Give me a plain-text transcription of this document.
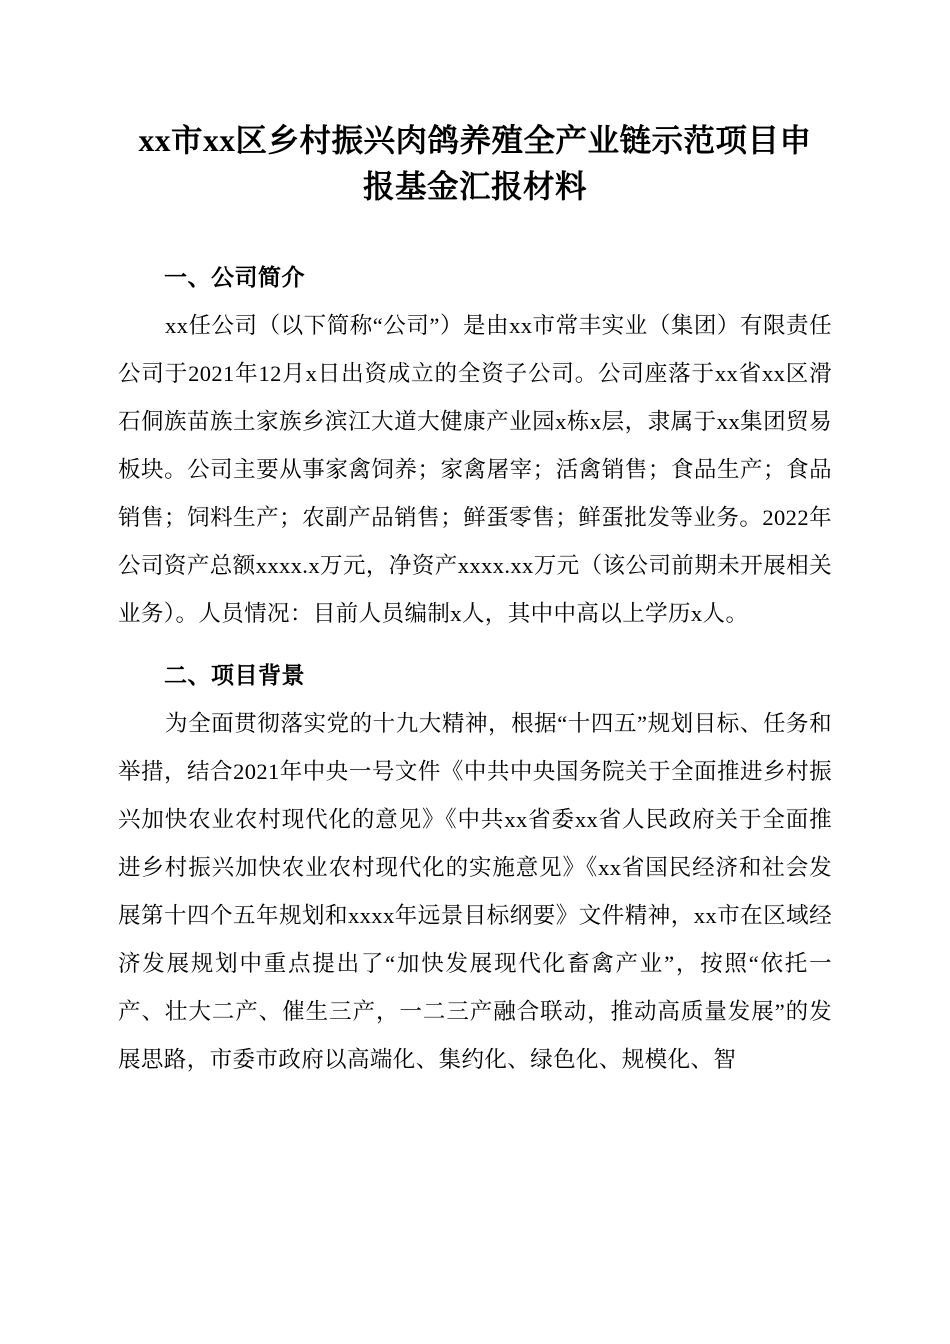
xx市xx区乡村振兴肉鸽养殖全产业链示范项目申报基金汇报材料
一、公司简介

xx任公司（以下简称“公司”）是由xx市常丰实业（集团）有限责任公司于2021年12月x日出资成立的全资子公司。公司座落于xx省xx区滑石侗族苗族土家族乡滨江大道大健康产业园x栋x层，隶属于xx集团贸易板块。公司主要从事家禽饲养；家禽屠宰；活禽销售；食品生产；食品销售；饲料生产；农副产品销售；鲜蛋零售；鲜蛋批发等业务。2022年公司资产总额xxxx.x万元，净资产xxxx.xx万元（该公司前期未开展相关业务）。人员情况：目前人员编制x人，其中中高以上学历x人。

二、项目背景

为全面贯彻落实党的十九大精神，根据“十四五”规划目标、任务和举措，结合2021年中央一号文件《中共中央国务院关于全面推进乡村振兴加快农业农村现代化的意见》《中共xx省委xx省人民政府关于全面推进乡村振兴加快农业农村现代化的实施意见》《xx省国民经济和社会发展第十四个五年规划和xxxx年远景目标纲要》文件精神，xx市在区域经济发展规划中重点提出了“加快发展现代化畜禽产业”，按照“依托一产、壮大二产、催生三产，一二三产融合联动，推动高质量发展”的发展思路，市委市政府以高端化、集约化、绿色化、规模化、智
